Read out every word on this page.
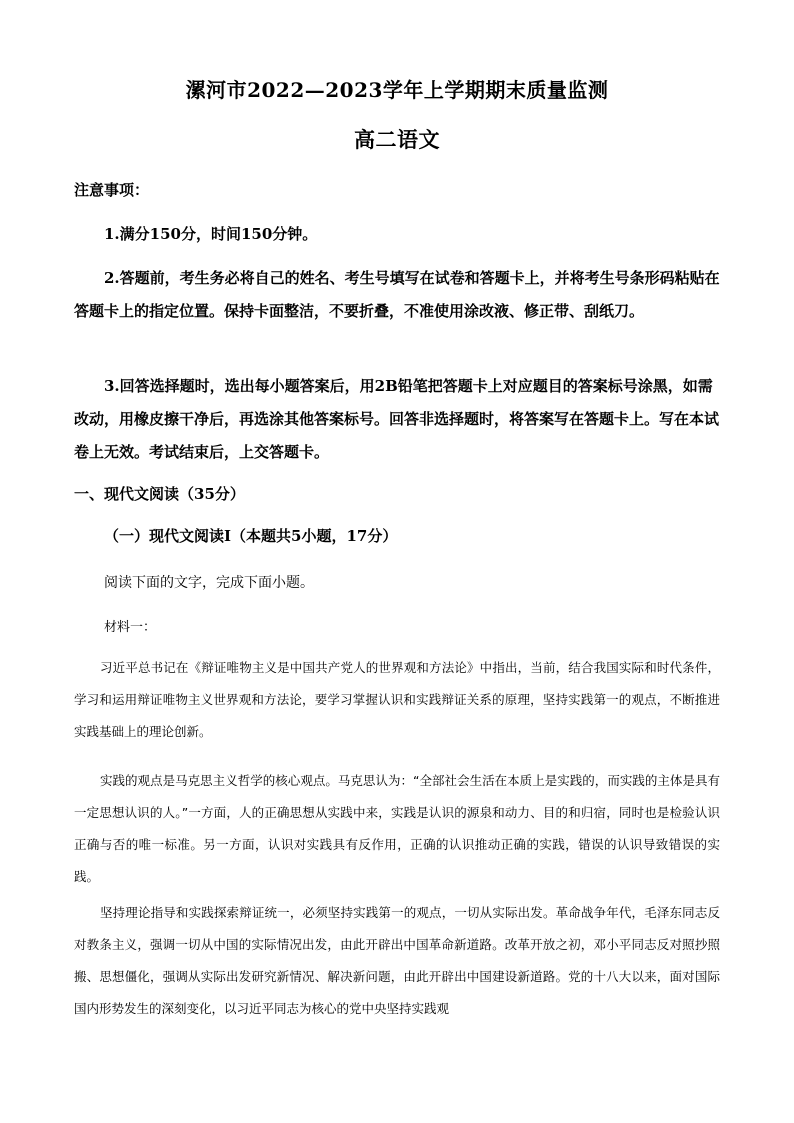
漯河市2022—2023学年上学期期末质量监测
高二语文

注意事项：

1.满分150分，时间150分钟。

2.答题前，考生务必将自己的姓名、考生号填写在试卷和答题卡上，并将考生号条形码粘贴在答题卡上的指定位置。保持卡面整洁，不要折叠，不准使用涂改液、修正带、刮纸刀。

3.回答选择题时，选出每小题答案后，用2B铅笔把答题卡上对应题目的答案标号涂黑，如需改动，用橡皮擦干净后，再选涂其他答案标号。回答非选择题时，将答案写在答题卡上。写在本试卷上无效。考试结束后，上交答题卡。

一、现代文阅读（35分）

（一）现代文阅读Ⅰ（本题共5小题，17分）

阅读下面的文字，完成下面小题。

材料一：

习近平总书记在《辩证唯物主义是中国共产党人的世界观和方法论》中指出，当前，结合我国实际和时代条件，学习和运用辩证唯物主义世界观和方法论，要学习掌握认识和实践辩证关系的原理，坚持实践第一的观点，不断推进实践基础上的理论创新。

实践的观点是马克思主义哲学的核心观点。马克思认为：“全部社会生活在本质上是实践的，而实践的主体是具有一定思想认识的人。”一方面，人的正确思想从实践中来，实践是认识的源泉和动力、目的和归宿，同时也是检验认识正确与否的唯一标准。另一方面，认识对实践具有反作用，正确的认识推动正确的实践，错误的认识导致错误的实践。

坚持理论指导和实践探索辩证统一，必须坚持实践第一的观点，一切从实际出发。革命战争年代，毛泽东同志反对教条主义，强调一切从中国的实际情况出发，由此开辟出中国革命新道路。改革开放之初，邓小平同志反对照抄照搬、思想僵化，强调从实际出发研究新情况、解决新问题，由此开辟出中国建设新道路。党的十八大以来，面对国际国内形势发生的深刻变化，以习近平同志为核心的党中央坚持实践观
